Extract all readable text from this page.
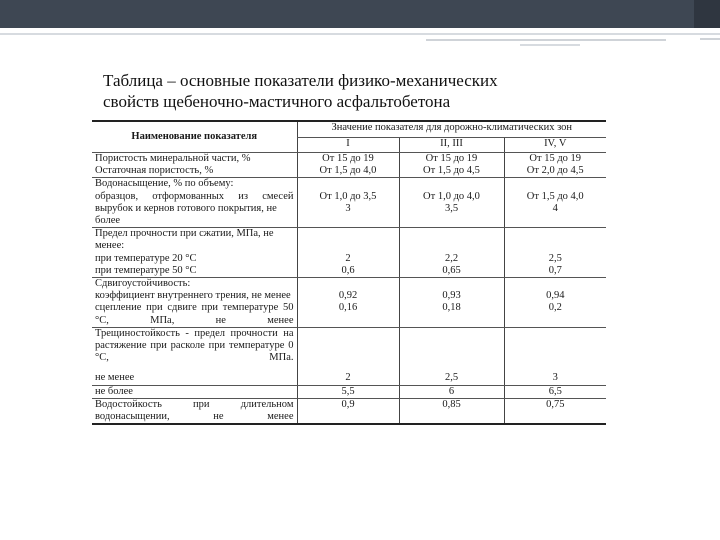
Таблица – основные показатели физико-механических
свойств щебеночно-мастичного асфальтобетона
Наименование показателя	Значение показателя для дорожно-климатических зон		
	I	II, III	IV, V
Пористость минеральной части, %	От 15 до 19	От 15 до 19	От 15 до 19
Остаточная пористость, %	От 1,5 до 4,0	От 1,5 до 4,5	От 2,0 до 4,5
Водонасыщение, % по объему:			
образцов, отформованных из смесей	От 1,0 до 3,5	От 1,0 до 4,0	От 1,5 до 4,0
вырубок и кернов готового покрытия, не более	3	3,5	4
Предел прочности при сжатии, МПа, не менее:			
при температуре 20 °С	2	2,2	2,5
при температуре 50 °С	0,6	0,65	0,7
Сдвигоустойчивость:			
коэффициент внутреннего трения, не менее	0,92	0,93	0,94
сцепление при сдвиге при температуре 50 °С, МПа, не менее	0,16	0,18	0,2
Трещиностойкость - предел прочности на растяжение при расколе при температуре 0 °С, МПа.			

не менее	2	2,5	3
не более	5,5	6	6,5
Водостойкость при длительном водонасыщении, не менее	0,9	0,85	0,75
